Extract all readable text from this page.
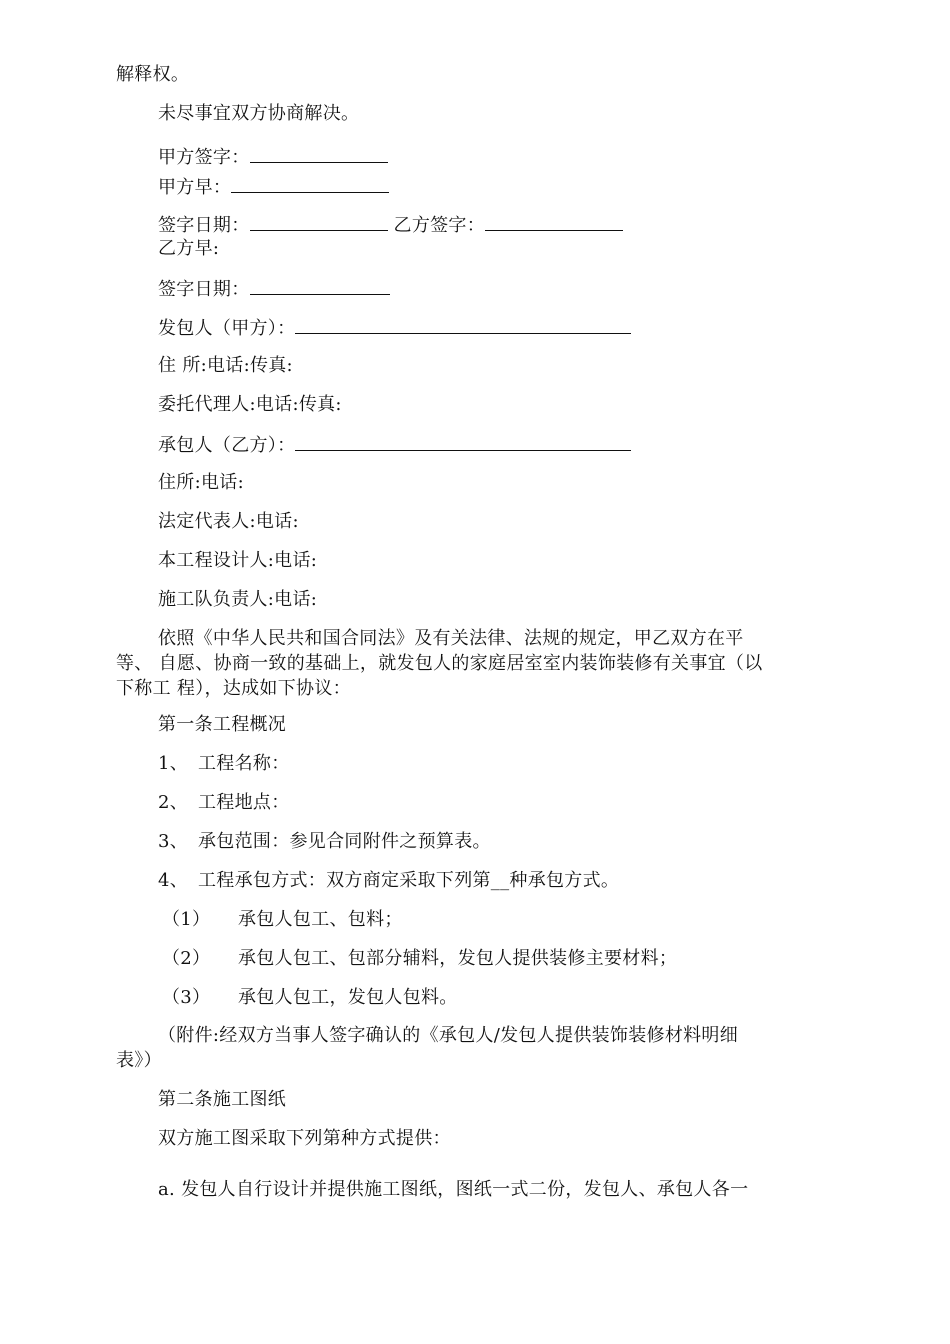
解释权。

未尽事宜双方协商解决。

甲方签字：

甲方早：

签字日期：	乙方签字：

乙方早:

签字日期：

发包人（甲方）：

住 所:电话:传真:

委托代理人:电话:传真:

承包人（乙方）：

住所:电话:

法定代表人:电话:

本工程设计人:电话:

施工队负责人:电话:

依照《中华人民共和国合同法》及有关法律、法规的规定，甲乙双方在平

等、 自愿、协商一致的基础上，就发包人的家庭居室室内装饰装修有关事宜（以

下称工 程），达成如下协议：

第一条工程概况

1、 工程名称：

2、 工程地点：

3、 承包范围：参见合同附件之预算表。

4、 工程承包方式：双方商定采取下列第__种承包方式。

（1） 承包人包工、包料；

（2） 承包人包工、包部分辅料，发包人提供装修主要材料；

（3） 承包人包工，发包人包料。

（附件:经双方当事人签字确认的《承包人/发包人提供装饰装修材料明细

表》）

第二条施工图纸

双方施工图采取下列第种方式提供：

a. 发包人自行设计并提供施工图纸，图纸一式二份，发包人、承包人各一
